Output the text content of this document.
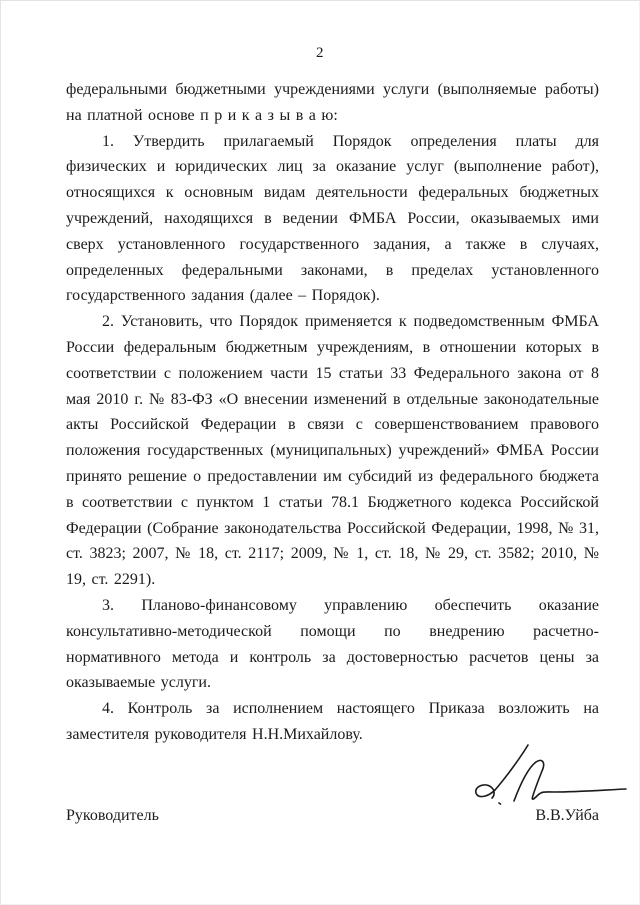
2

федеральными бюджетными учреждениями услуги (выполняемые работы) на платной основе п р и к а з ы в а ю:

1. Утвердить прилагаемый Порядок определения платы для физических и юридических лиц за оказание услуг (выполнение работ), относящихся к основным видам деятельности федеральных бюджетных учреждений, находящихся в ведении ФМБА России, оказываемых ими сверх установленного государственного задания, а также в случаях, определенных федеральными законами, в пределах установленного государственного задания (далее – Порядок).

2. Установить, что Порядок применяется к подведомственным ФМБА России федеральным бюджетным учреждениям, в отношении которых в соответствии с положением части 15 статьи 33 Федерального закона от 8 мая 2010 г. № 83-ФЗ «О внесении изменений в отдельные законодательные акты Российской Федерации в связи с совершенствованием правового положения государственных (муниципальных) учреждений» ФМБА России принято решение о предоставлении им субсидий из федерального бюджета в соответствии с пунктом 1 статьи 78.1 Бюджетного кодекса Российской Федерации (Собрание законодательства Российской Федерации, 1998, № 31, ст. 3823; 2007, № 18, ст. 2117; 2009, № 1, ст. 18, № 29, ст. 3582; 2010, № 19, ст. 2291).

3. Планово-финансовому управлению обеспечить оказание консультативно-методической помощи по внедрению расчетно-нормативного метода и контроль за достоверностью расчетов цены за оказываемые услуги.

4. Контроль за исполнением настоящего Приказа возложить на заместителя руководителя Н.Н.Михайлову.

Руководитель	В.В.Уйба
